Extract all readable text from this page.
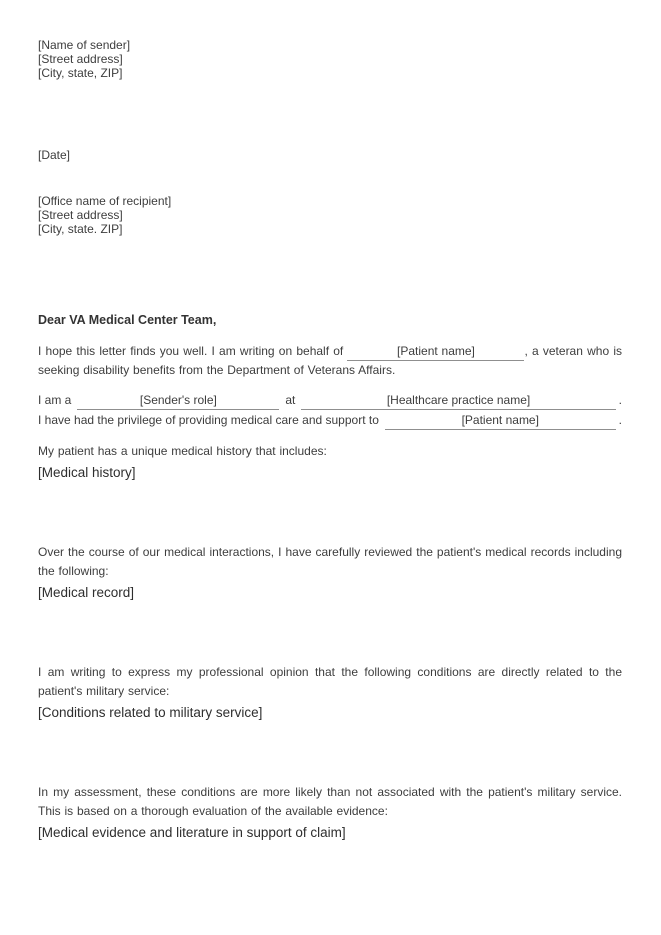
[Name of sender]
[Street address]
[City, state, ZIP]
[Date]
[Office name of recipient]
[Street address]
[City, state. ZIP]
Dear VA Medical Center Team,

I hope this letter finds you well. I am writing on behalf of	[Patient name]	, a veteran who is seeking disability benefits from the Department of Veterans Affairs.

I am a	[Sender's role]	at	[Healthcare practice name]	.
I have had the privilege of providing medical care and support to	[Patient name]	.

My patient has a unique medical history that includes:

[Medical history]

Over the course of our medical interactions, I have carefully reviewed the patient's medical records including the following:

[Medical record]

I am writing to express my professional opinion that the following conditions are directly related to the patient's military service:

[Conditions related to military service]

In my assessment, these conditions are more likely than not associated with the patient's military service. This is based on a thorough evaluation of the available evidence:

[Medical evidence and literature in support of claim]
